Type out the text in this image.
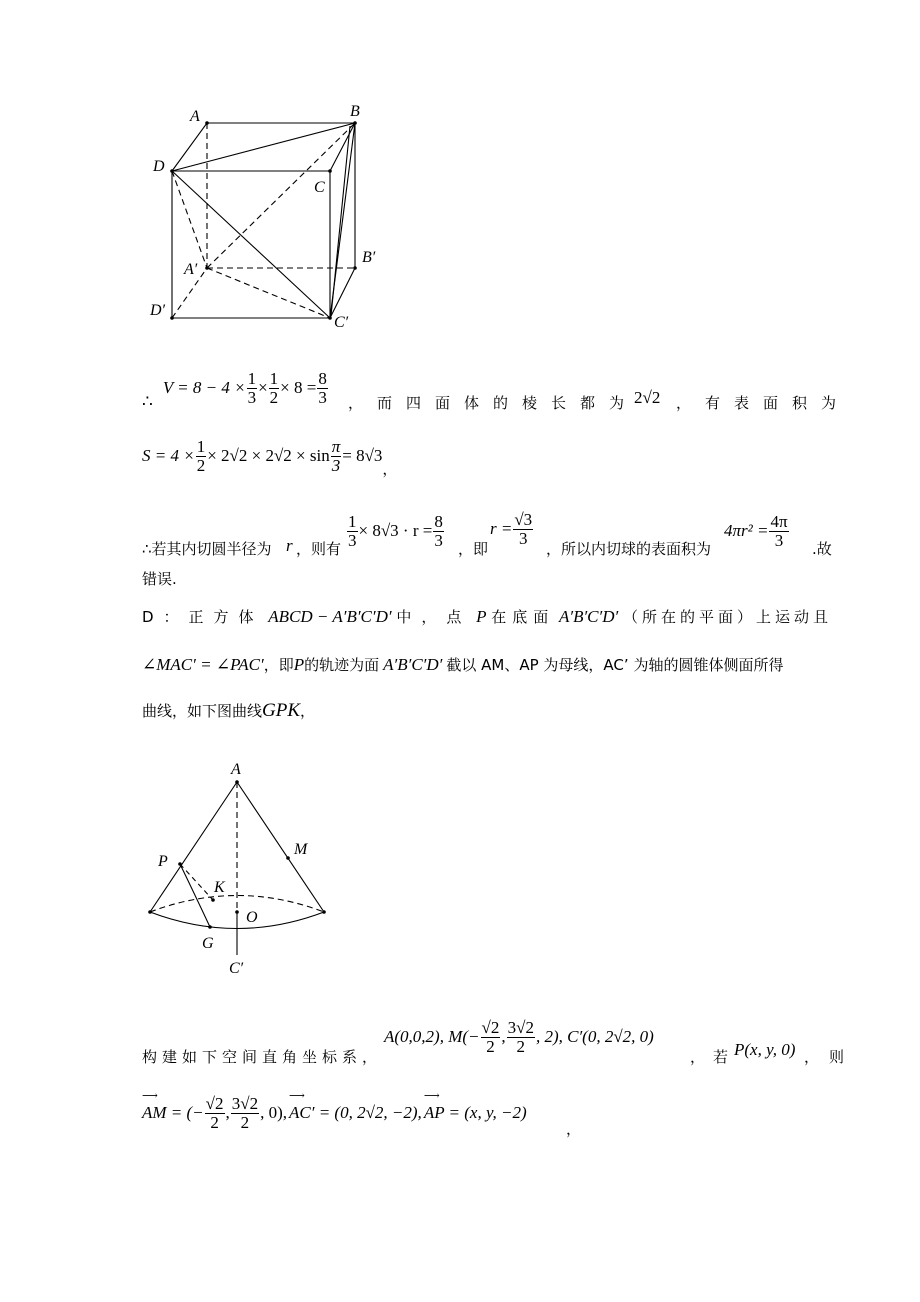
A	B
D
C
A′
B′
D′
C′
∴
$V = 8 - 4 \times \frac{1}{3} \times \frac{1}{2} \times 8 = \frac{8}{3}$ ，而四面体的棱长都为
2√2 ，有表面积为
$S = 4 \times \frac{1}{2} \times 2√2 \times 2√2 \times \sin \frac{\pi}{3} = 8√3$
，
$\frac{1}{3} \times 8√3 \cdot r = \frac{8}{3}$	$r = \frac{√3}{3}$	$4\pi r^2 = \frac{4\pi}{3}$
∴若其内切圆半径为 r ，则有	，即	，所以内切球的表面积为	.故
错误.
D：正方体 ABCD − A′B′C′D′ 中，点 P 在底面 A′B′C′D′ （所在的平面）上运动且
∠MAC′ = ∠PAC′ ，即 P 的轨迹为面 A′B′C′D′ 截以 AM、AP 为母线，AC’ 为轴的圆锥体侧面所得
曲线，如下图曲线 GPK ，
A
M
P
K
O
G
C′
A(0,0,2), $M(- \frac{√2}{2}$ , $\frac{3√2}{2}$ , 2), C′(0, 2√2, 0)
构建如下空间直角坐标系，	，若
P(x, y, 0) ，则
AM = (−
⟶	$\frac{√2}{2}$ , $\frac{3√2}{2}$ , 0), AC′ = (0, 2√2, −2),
⟶
AP = (x, y, −2)
⟶
，
